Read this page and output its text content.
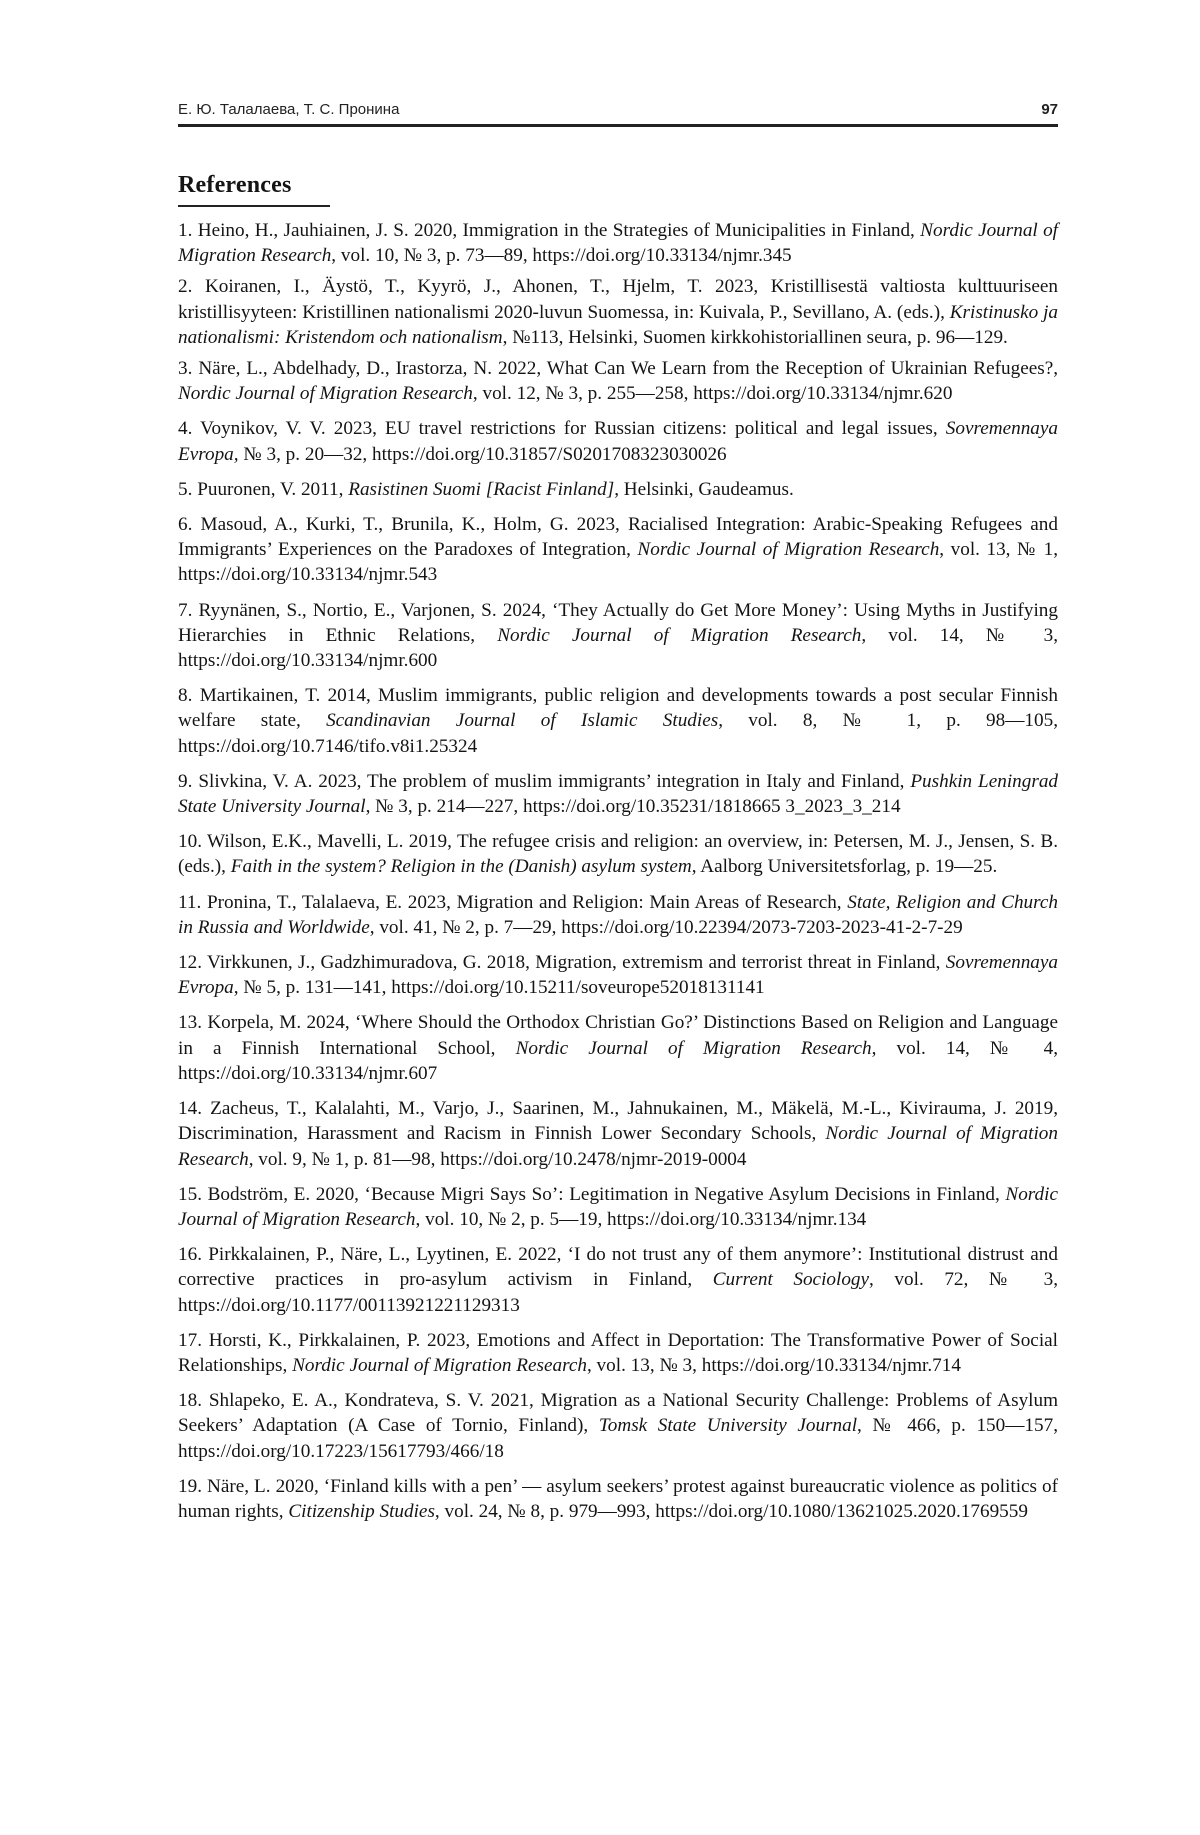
Е. Ю. Талалаева, Т. С. Пронина	97
References
1. Heino, H., Jauhiainen, J. S. 2020, Immigration in the Strategies of Municipalities in Finland, Nordic Journal of Migration Research, vol. 10, № 3, p. 73—89, https://doi.org/10.33134/njmr.345
2. Koiranen, I., Äystö, T., Kyyrö, J., Ahonen, T., Hjelm, T. 2023, Kristillisestä valtiosta kulttuuriseen kristillisyyteen: Kristillinen nationalismi 2020-luvun Suomessa, in: Kuivala, P., Sevillano, A. (eds.), Kristinusko ja nationalismi: Kristendom och nationalism, №113, Helsinki, Suomen kirkkohistoriallinen seura, p. 96—129.
3. Näre, L., Abdelhady, D., Irastorza, N. 2022, What Can We Learn from the Reception of Ukrainian Refugees?, Nordic Journal of Migration Research, vol. 12, № 3, p. 255—258, https://doi.org/10.33134/njmr.620
4. Voynikov, V. V. 2023, EU travel restrictions for Russian citizens: political and legal issues, Sovremennaya Evropa, № 3, p. 20—32, https://doi.org/10.31857/S0201708323030026
5. Puuronen, V. 2011, Rasistinen Suomi [Racist Finland], Helsinki, Gaudeamus.
6. Masoud, A., Kurki, T., Brunila, K., Holm, G. 2023, Racialised Integration: Arabic-Speaking Refugees and Immigrants’ Experiences on the Paradoxes of Integration, Nordic Journal of Migration Research, vol. 13, № 1, https://doi.org/10.33134/njmr.543
7. Ryynänen, S., Nortio, E., Varjonen, S. 2024, ‘They Actually do Get More Money’: Using Myths in Justifying Hierarchies in Ethnic Relations, Nordic Journal of Migration Research, vol. 14, № 3, https://doi.org/10.33134/njmr.600
8. Martikainen, T. 2014, Muslim immigrants, public religion and developments towards a post secular Finnish welfare state, Scandinavian Journal of Islamic Studies, vol. 8, № 1, p. 98—105, https://doi.org/10.7146/tifo.v8i1.25324
9. Slivkina, V. A. 2023, The problem of muslim immigrants’ integration in Italy and Finland, Pushkin Leningrad State University Journal, № 3, p. 214—227, https://doi.org/10.35231/1818665 3_2023_3_214
10. Wilson, E.K., Mavelli, L. 2019, The refugee crisis and religion: an overview, in: Petersen, M. J., Jensen, S. B. (eds.), Faith in the system? Religion in the (Danish) asylum system, Aalborg Universitetsforlag, p. 19—25.
11. Pronina, T., Talalaeva, E. 2023, Migration and Religion: Main Areas of Research, State, Religion and Church in Russia and Worldwide, vol. 41, № 2, p. 7—29, https://doi.org/10.22394/2073-7203-2023-41-2-7-29
12. Virkkunen, J., Gadzhimuradova, G. 2018, Migration, extremism and terrorist threat in Finland, Sovremennaya Evropa, № 5, p. 131—141, https://doi.org/10.15211/soveurope52018131141
13. Korpela, M. 2024, ‘Where Should the Orthodox Christian Go?’ Distinctions Based on Religion and Language in a Finnish International School, Nordic Journal of Migration Research, vol. 14, № 4, https://doi.org/10.33134/njmr.607
14. Zacheus, T., Kalalahti, M., Varjo, J., Saarinen, M., Jahnukainen, M., Mäkelä, M.-L., Kivirauma, J. 2019, Discrimination, Harassment and Racism in Finnish Lower Secondary Schools, Nordic Journal of Migration Research, vol. 9, № 1, p. 81—98, https://doi.org/10.2478/njmr-2019-0004
15. Bodström, E. 2020, ‘Because Migri Says So’: Legitimation in Negative Asylum Decisions in Finland, Nordic Journal of Migration Research, vol. 10, № 2, p. 5—19, https://doi.org/10.33134/njmr.134
16. Pirkkalainen, P., Näre, L., Lyytinen, E. 2022, ‘I do not trust any of them anymore’: Institutional distrust and corrective practices in pro-asylum activism in Finland, Current Sociology, vol. 72, № 3, https://doi.org/10.1177/00113921221129313
17. Horsti, K., Pirkkalainen, P. 2023, Emotions and Affect in Deportation: The Transformative Power of Social Relationships, Nordic Journal of Migration Research, vol. 13, № 3, https://doi.org/10.33134/njmr.714
18. Shlapeko, E. A., Kondrateva, S. V. 2021, Migration as a National Security Challenge: Problems of Asylum Seekers’ Adaptation (A Case of Tornio, Finland), Tomsk State University Journal, № 466, p. 150—157, https://doi.org/10.17223/15617793/466/18
19. Näre, L. 2020, ‘Finland kills with a pen’ — asylum seekers’ protest against bureaucratic violence as politics of human rights, Citizenship Studies, vol. 24, № 8, p. 979—993, https://doi.org/10.1080/13621025.2020.1769559
